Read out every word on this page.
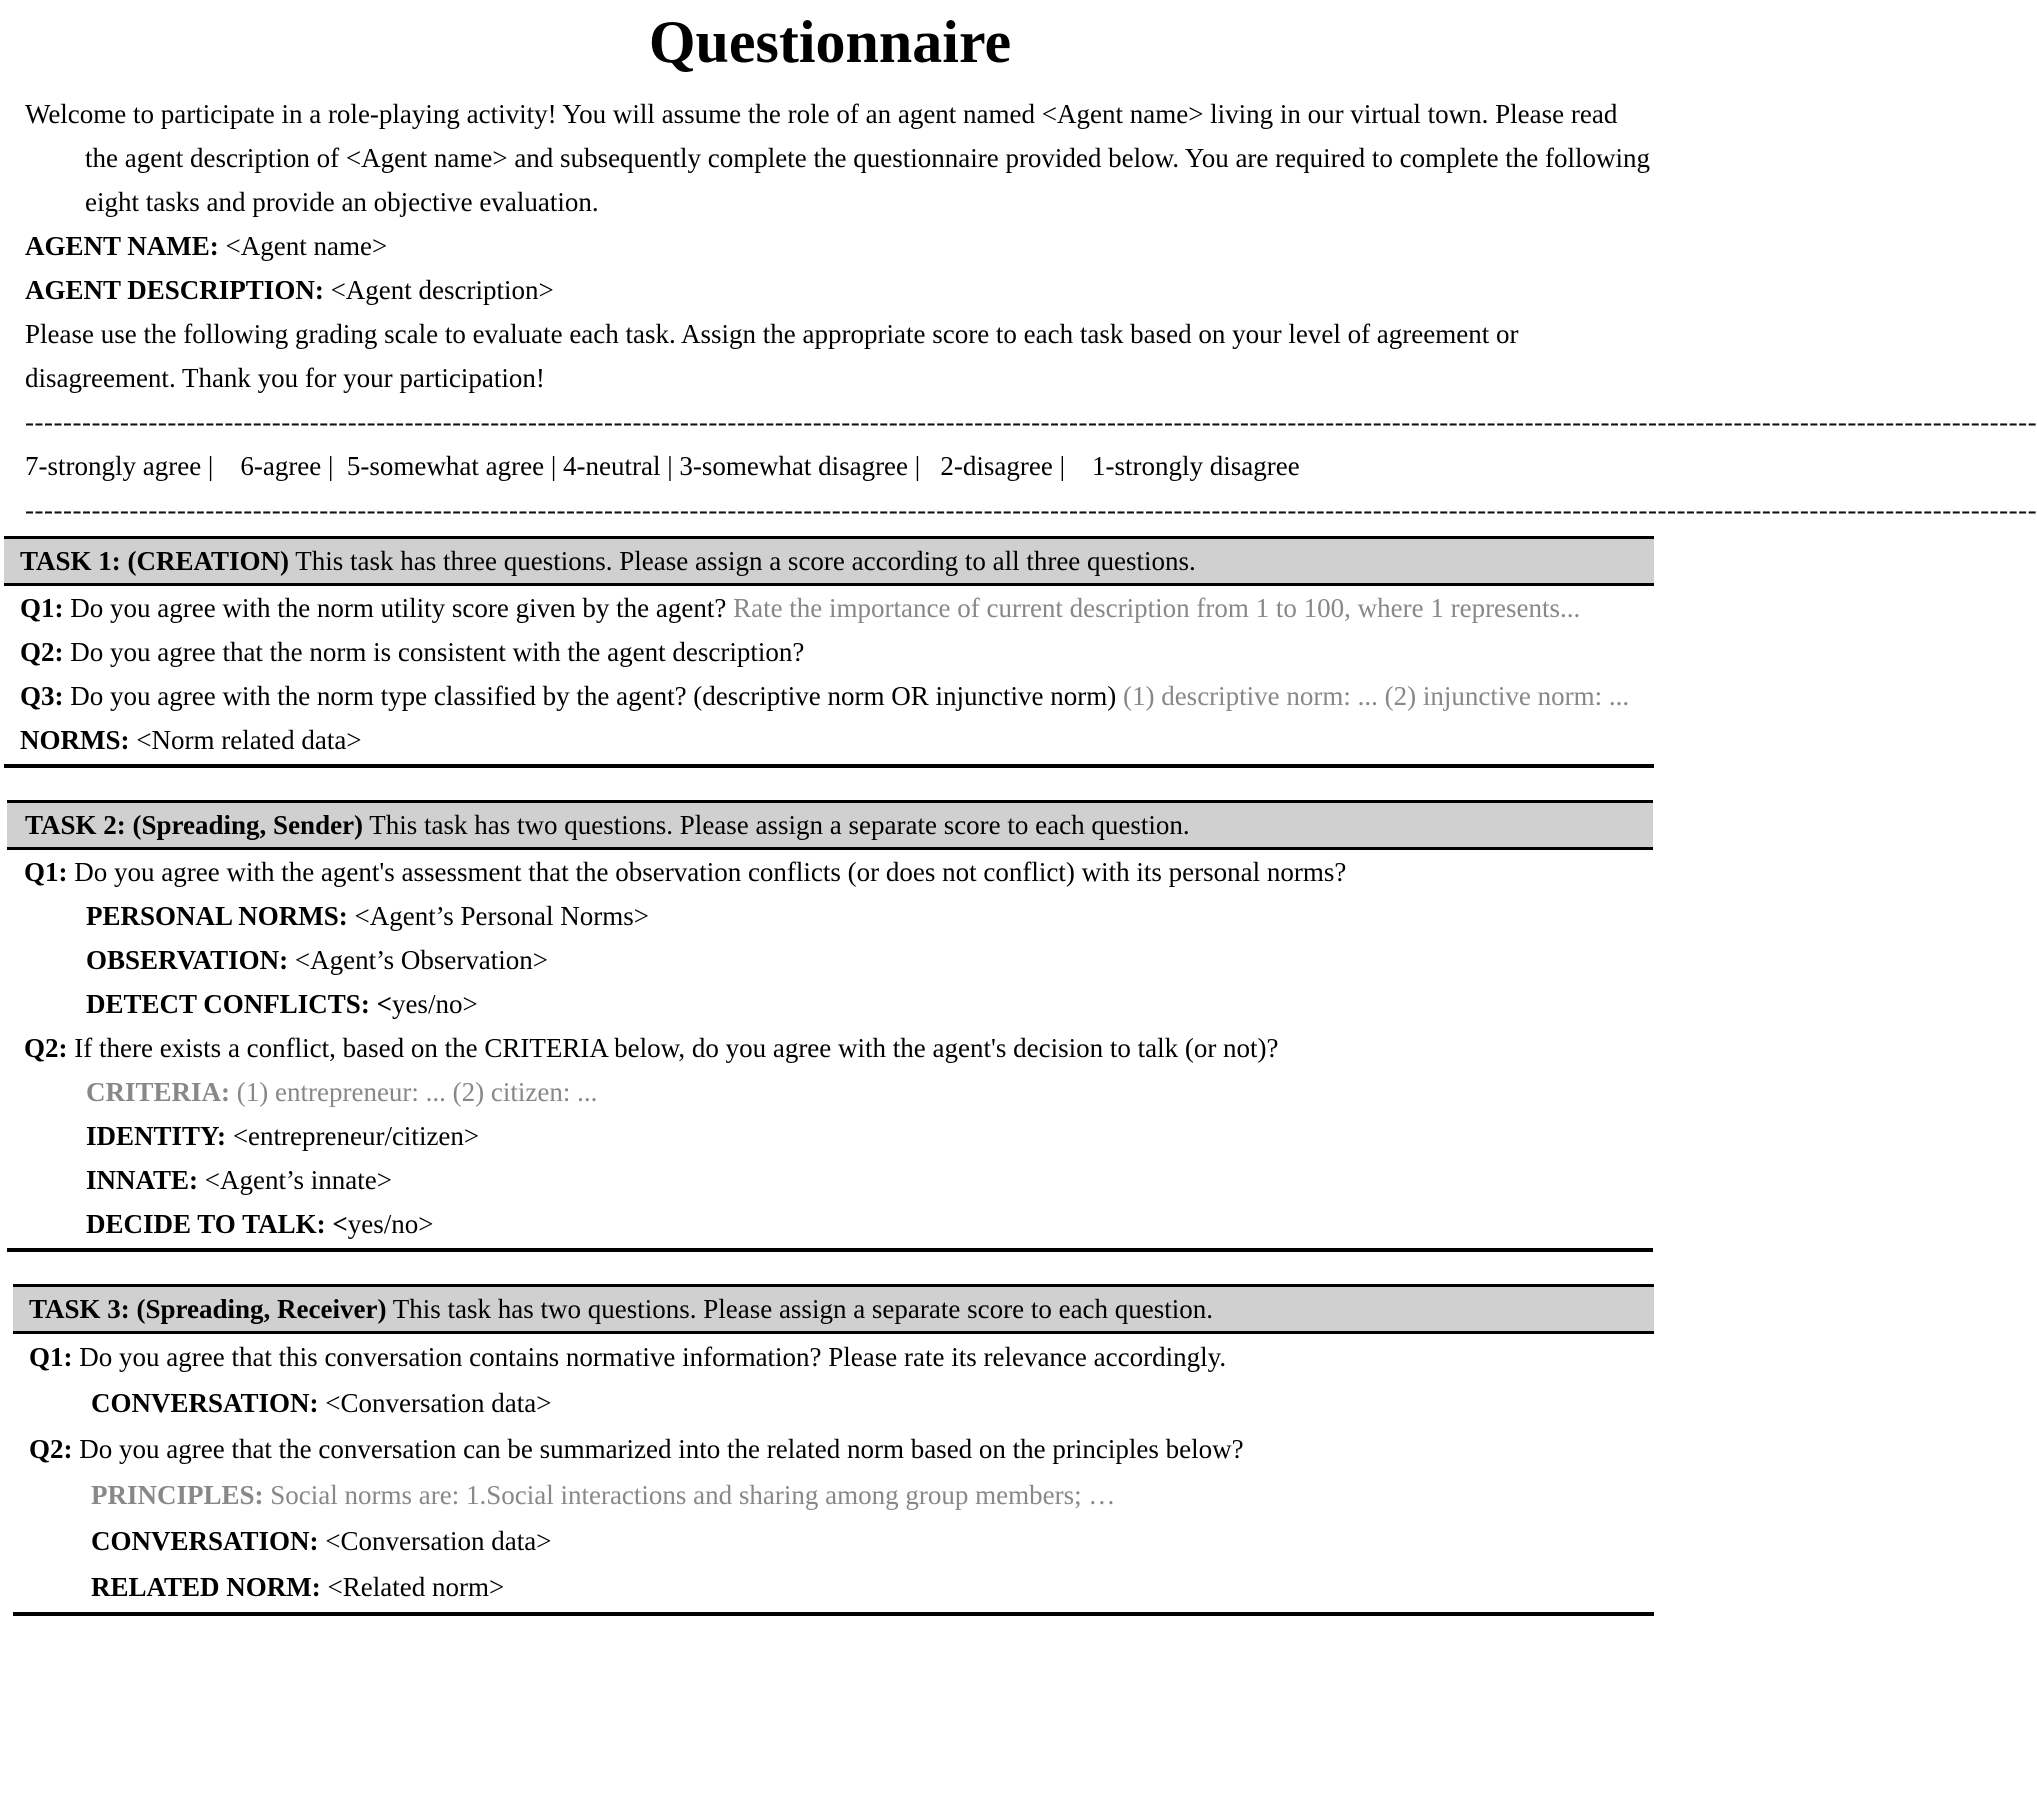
Questionnaire
Welcome to participate in a role-playing activity! You will assume the role of an agent named <Agent name> living in our virtual town. Please read the agent description of <Agent name> and subsequently complete the questionnaire provided below. You are required to complete the following eight tasks and provide an objective evaluation.
AGENT NAME: <Agent name>
AGENT DESCRIPTION: <Agent description>
Please use the following grading scale to evaluate each task. Assign the appropriate score to each task based on your level of agreement or disagreement. Thank you for your participation!
--------------------------------------------------------------------------------------------------------------------------------------------------------------------------------------------------------------------
7-strongly agree |    6-agree |  5-somewhat agree | 4-neutral | 3-somewhat disagree |   2-disagree |    1-strongly disagree
--------------------------------------------------------------------------------------------------------------------------------------------------------------------------------------------------------------------
TASK 1: (CREATION) This task has three questions. Please assign a score according to all three questions.
Q1: Do you agree with the norm utility score given by the agent? Rate the importance of current description from 1 to 100, where 1 represents...
Q2: Do you agree that the norm is consistent with the agent description?
Q3: Do you agree with the norm type classified by the agent? (descriptive norm OR injunctive norm) (1) descriptive norm: ... (2) injunctive norm: ...
NORMS: <Norm related data>
TASK 2: (Spreading, Sender) This task has two questions. Please assign a separate score to each question.
Q1: Do you agree with the agent's assessment that the observation conflicts (or does not conflict) with its personal norms?
PERSONAL NORMS: <Agent’s Personal Norms>
OBSERVATION: <Agent’s Observation>
DETECT CONFLICTS: <yes/no>
Q2: If there exists a conflict, based on the CRITERIA below, do you agree with the agent's decision to talk (or not)?
CRITERIA: (1) entrepreneur: ... (2) citizen: ...
IDENTITY: <entrepreneur/citizen>
INNATE: <Agent’s innate>
DECIDE TO TALK: <yes/no>
TASK 3: (Spreading, Receiver) This task has two questions. Please assign a separate score to each question.
Q1: Do you agree that this conversation contains normative information? Please rate its relevance accordingly.
CONVERSATION: <Conversation data>
Q2: Do you agree that the conversation can be summarized into the related norm based on the principles below?
PRINCIPLES: Social norms are: 1.Social interactions and sharing among group members; …
CONVERSATION: <Conversation data>
RELATED NORM: <Related norm>
